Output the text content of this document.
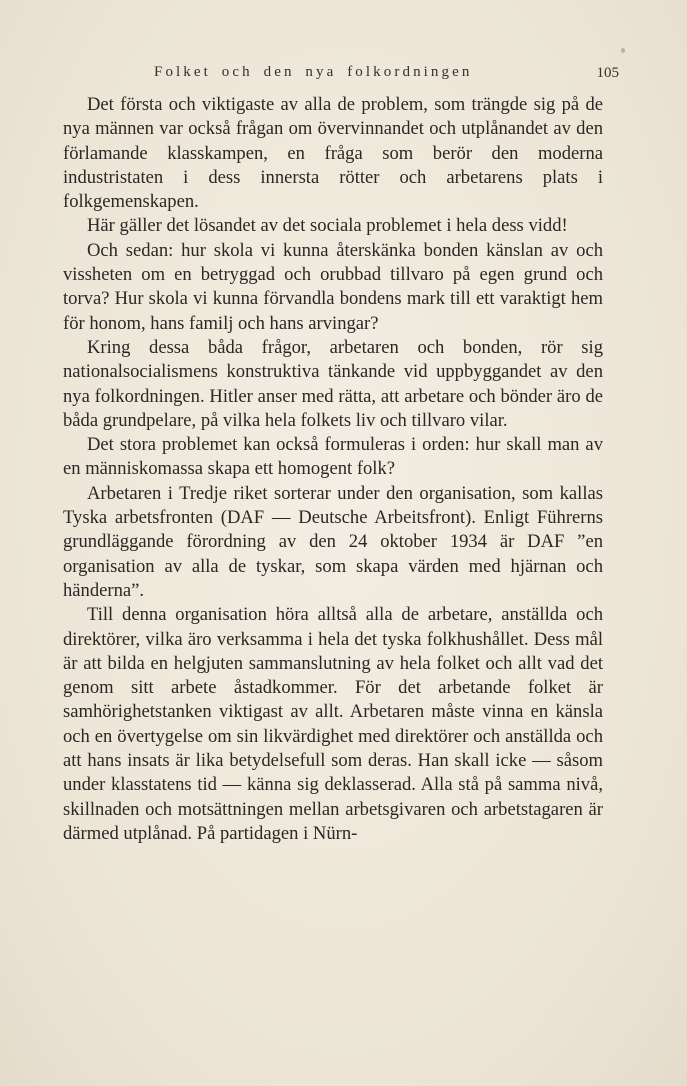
Folket och den nya folkordningen	105

Det första och viktigaste av alla de problem, som trängde sig på de nya männen var också frågan om övervinnandet och utplånandet av den förlamande klasskampen, en fråga som berör den moderna industristaten i dess innersta rötter och arbetarens plats i folkgemenskapen.

Här gäller det lösandet av det sociala problemet i hela dess vidd!

Och sedan: hur skola vi kunna återskänka bonden känslan av och vissheten om en betryggad och orubbad tillvaro på egen grund och torva? Hur skola vi kunna förvandla bondens mark till ett varaktigt hem för honom, hans familj och hans arvingar?

Kring dessa båda frågor, arbetaren och bonden, rör sig nationalsocialismens konstruktiva tänkande vid uppbyggandet av den nya folkordningen. Hitler anser med rätta, att arbetare och bönder äro de båda grundpelare, på vilka hela folkets liv och tillvaro vilar.

Det stora problemet kan också formuleras i orden: hur skall man av en människomassa skapa ett homogent folk?

Arbetaren i Tredje riket sorterar under den organisation, som kallas Tyska arbetsfronten (DAF — Deutsche Arbeitsfront). Enligt Führerns grundläggande förordning av den 24 oktober 1934 är DAF ”en organisation av alla de tyskar, som skapa värden med hjärnan och händerna”.

Till denna organisation höra alltså alla de arbetare, anställda och direktörer, vilka äro verksamma i hela det tyska folkhushållet. Dess mål är att bilda en helgjuten sammanslutning av hela folket och allt vad det genom sitt arbete åstadkommer. För det arbetande folket är samhörighetstanken viktigast av allt. Arbetaren måste vinna en känsla och en övertygelse om sin likvärdighet med direktörer och anställda och att hans insats är lika betydelsefull som deras. Han skall icke — såsom under klasstatens tid — känna sig deklasserad. Alla stå på samma nivå, skillnaden och motsättningen mellan arbetsgivaren och arbetstagaren är därmed utplånad. På partidagen i Nürn-
